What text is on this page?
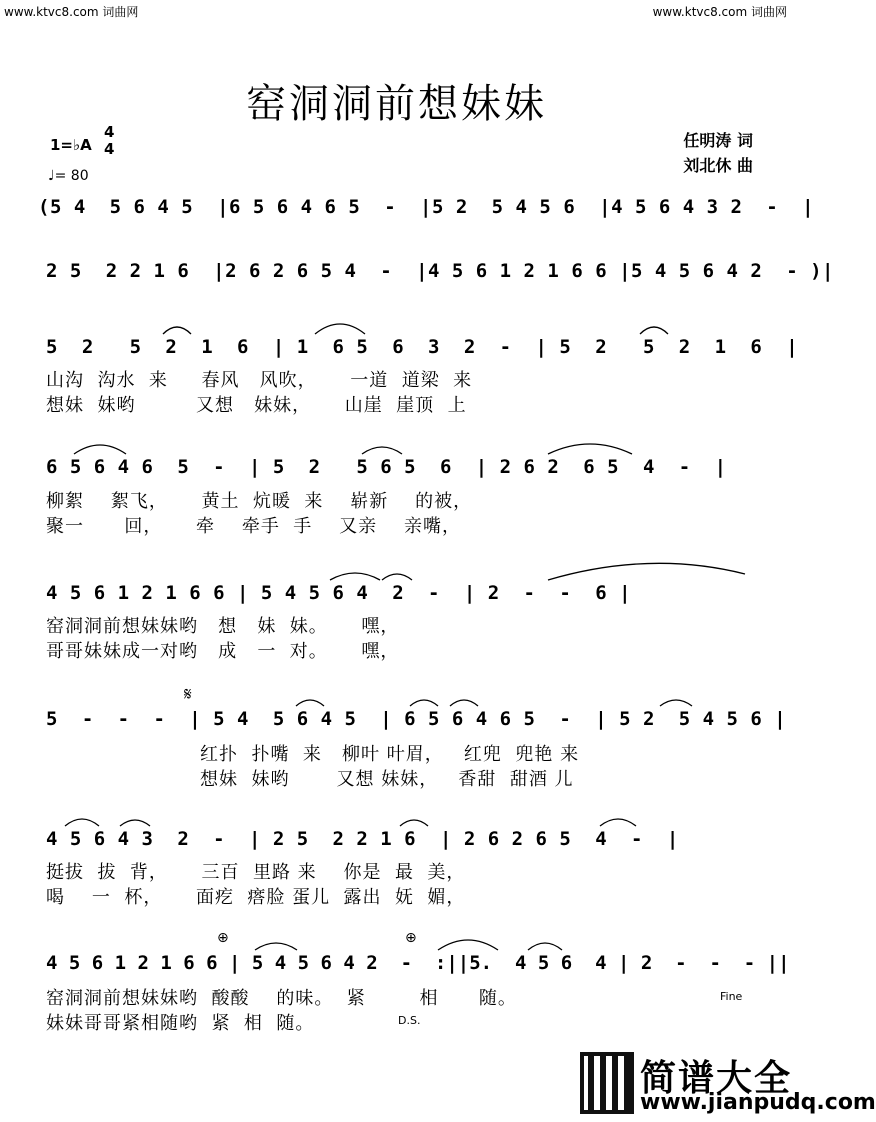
www.ktvc8.com 词曲网	www.ktvc8.com 词曲网
窑洞洞前想妹妹
1=♭A
4
4
♩= 80
任明涛 词
刘北休 曲
(5 4  5 6 4 5  |6 5 6 4 6 5  -  |5 2  5 4 5 6  |4 5 6 4 3 2  -  |
2 5  2 2 1 6  |2 6 2 6 5 4  -  |4 5 6 1 2 1 6 6 |5 4 5 6 4 2  - )|
5  2   5  2  1  6  | 1  6 5  6  3  2  -  | 5  2   5  2  1  6  |
山沟  沟水  来     春风   风吹，     一道  道梁  来
想妹  妹哟         又想   妹妹，     山崖  崖顶  上
6 5 6 4 6  5  -  | 5  2   5 6 5  6  | 2 6 2  6 5  4  -  |
柳絮    絮飞，     黄土  炕暖  来    崭新    的被，
聚一      回，     牵    牵手  手    又亲    亲嘴，
4 5 6 1 2 1 6 6 | 5 4 5 6 4  2  -  | 2  -  -  6 |
窑洞洞前想妹妹哟   想   妹  妹。     嘿，
哥哥妹妹成一对哟   成   一  对。     嘿，
𝄋
5  -  -  -  | 5 4  5 6 4 5  | 6 5 6 4 6 5  -  | 5 2  5 4 5 6 |
红扑  扑嘴  来   柳叶 叶眉，   红兜  兜艳 来
想妹  妹哟       又想 妹妹，   香甜  甜酒 儿
4 5 6 4 3  2  -  | 2 5  2 2 1 6  | 2 6 2 6 5  4  -  |
挺拔  拔  背，     三百  里路 来    你是  最  美，
喝    一  杯，     面疙  瘩脸 蛋儿  露出  妩  媚，
⊕	⊕
4 5 6 1 2 1 6 6 | 5 4 5 6 4 2  -  :||5.  4 5 6  4 | 2  -  -  - ||
窑洞洞前想妹妹哟  酸酸    的味。  紧        相      随。
妹妹哥哥紧相随哟  紧  相  随。	D.S.
Fine
简谱大全
www.jianpudq.com
